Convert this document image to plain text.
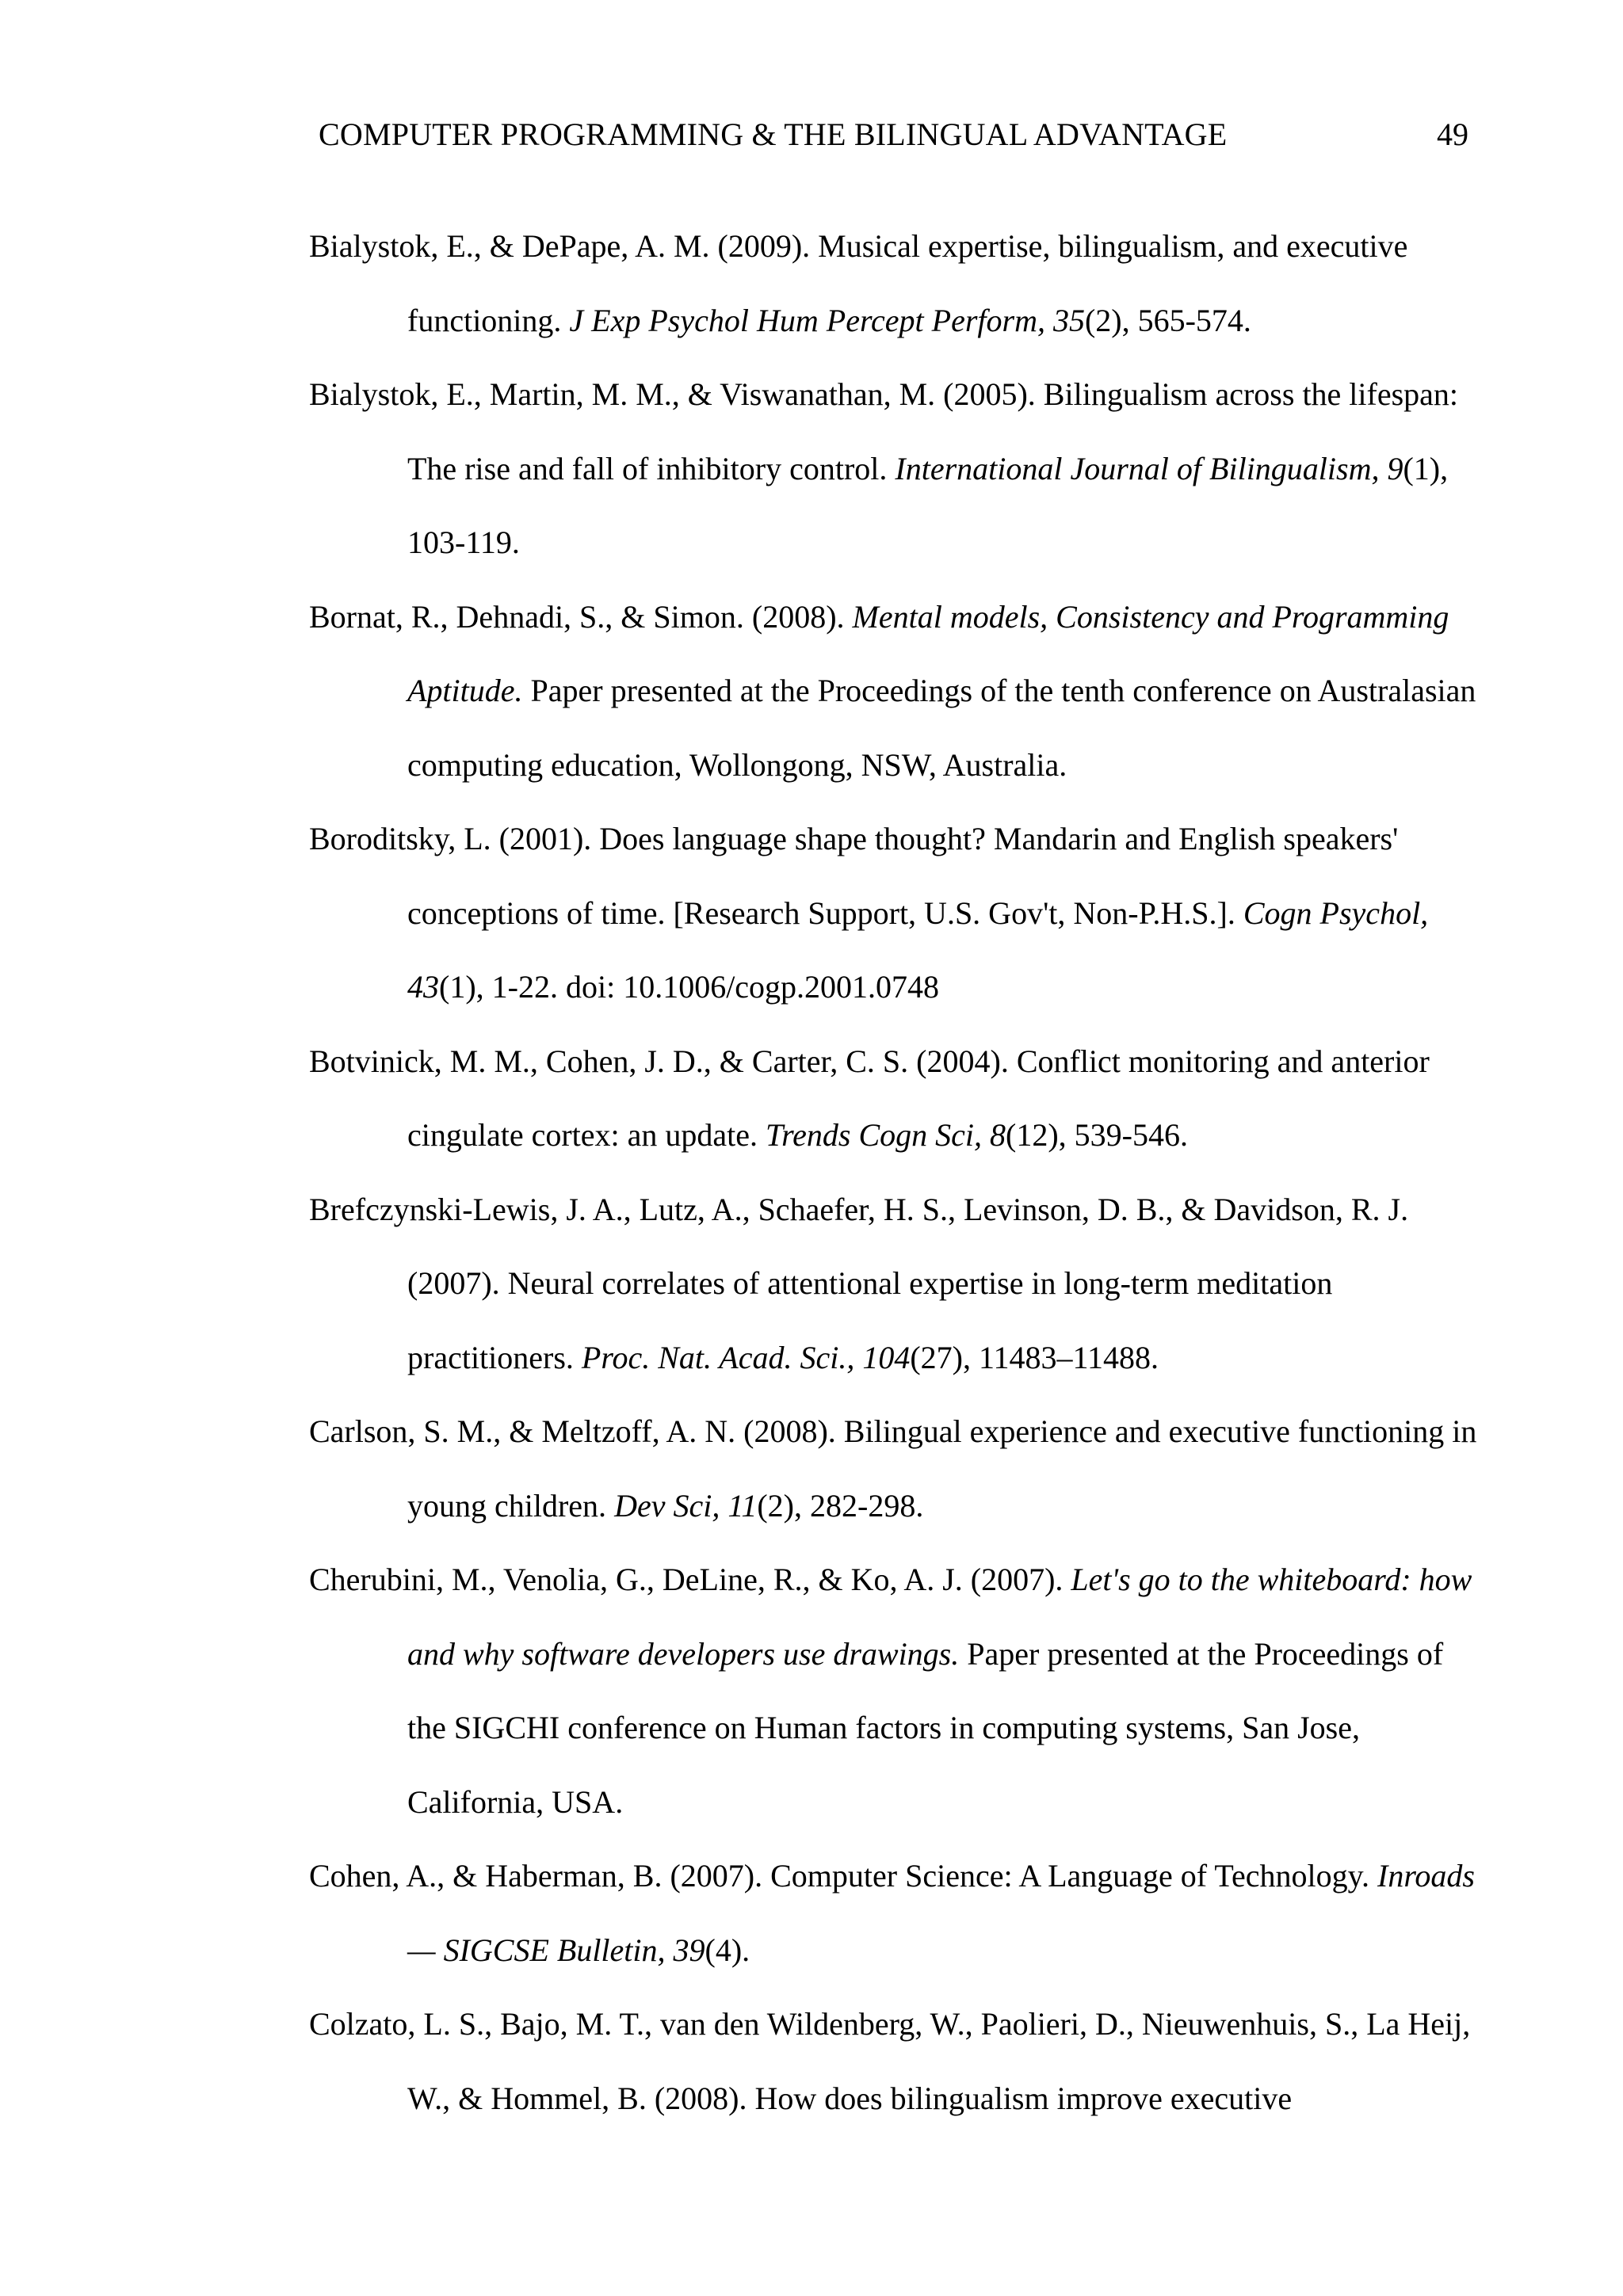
COMPUTER PROGRAMMING & THE BILINGUAL ADVANTAGE	49

Bialystok, E., & DePape, A. M. (2009). Musical expertise, bilingualism, and executive functioning. J Exp Psychol Hum Percept Perform, 35(2), 565-574.

Bialystok, E., Martin, M. M., & Viswanathan, M. (2005). Bilingualism across the lifespan: The rise and fall of inhibitory control. International Journal of Bilingualism, 9(1), 103-119.

Bornat, R., Dehnadi, S., & Simon. (2008). Mental models, Consistency and Programming Aptitude. Paper presented at the Proceedings of the tenth conference on Australasian computing education, Wollongong, NSW, Australia.

Boroditsky, L. (2001). Does language shape thought? Mandarin and English speakers' conceptions of time. [Research Support, U.S. Gov't, Non-P.H.S.]. Cogn Psychol, 43(1), 1-22. doi: 10.1006/cogp.2001.0748

Botvinick, M. M., Cohen, J. D., & Carter, C. S. (2004). Conflict monitoring and anterior cingulate cortex: an update. Trends Cogn Sci, 8(12), 539-546.

Brefczynski-Lewis, J. A., Lutz, A., Schaefer, H. S., Levinson, D. B., & Davidson, R. J. (2007). Neural correlates of attentional expertise in long-term meditation practitioners. Proc. Nat. Acad. Sci., 104(27), 11483–11488.

Carlson, S. M., & Meltzoff, A. N. (2008). Bilingual experience and executive functioning in young children. Dev Sci, 11(2), 282-298.

Cherubini, M., Venolia, G., DeLine, R., & Ko, A. J. (2007). Let's go to the whiteboard: how and why software developers use drawings. Paper presented at the Proceedings of the SIGCHI conference on Human factors in computing systems, San Jose, California, USA.

Cohen, A., & Haberman, B. (2007). Computer Science: A Language of Technology. Inroads — SIGCSE Bulletin, 39(4).

Colzato, L. S., Bajo, M. T., van den Wildenberg, W., Paolieri, D., Nieuwenhuis, S., La Heij, W., & Hommel, B. (2008). How does bilingualism improve executive
